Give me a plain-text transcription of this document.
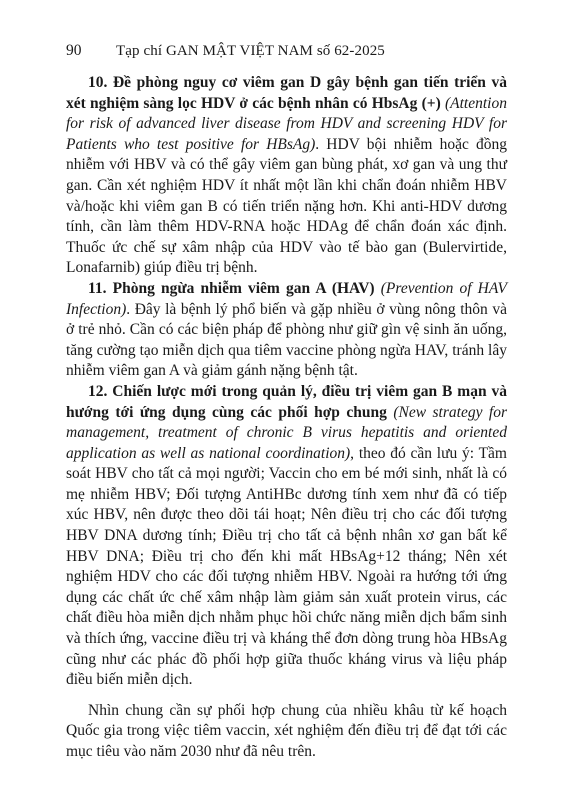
90 Tạp chí GAN MẬT VIỆT NAM số 62-2025

10. Đề phòng nguy cơ viêm gan D gây bệnh gan tiến triển và xét nghiệm sàng lọc HDV ở các bệnh nhân có HbsAg (+) (Attention for risk of advanced liver disease from HDV and screening HDV for Patients who test positive for HBsAg). HDV bội nhiễm hoặc đồng nhiễm với HBV và có thể gây viêm gan bùng phát, xơ gan và ung thư gan. Cần xét nghiệm HDV ít nhất một lần khi chẩn đoán nhiễm HBV và/hoặc khi viêm gan B có tiến triển nặng hơn. Khi anti-HDV dương tính, cần làm thêm HDV-RNA hoặc HDAg để chẩn đoán xác định. Thuốc ức chế sự xâm nhập của HDV vào tế bào gan (Bulervirtide, Lonafarnib) giúp điều trị bệnh.

11. Phòng ngừa nhiễm viêm gan A (HAV) (Prevention of HAV Infection). Đây là bệnh lý phổ biến và gặp nhiều ở vùng nông thôn và ở trẻ nhỏ. Cần có các biện pháp để phòng như giữ gìn vệ sinh ăn uống, tăng cường tạo miễn dịch qua tiêm vaccine phòng ngừa HAV, tránh lây nhiễm viêm gan A và giảm gánh nặng bệnh tật.

12. Chiến lược mới trong quản lý, điều trị viêm gan B mạn và hướng tới ứng dụng cùng các phối hợp chung (New strategy for management, treatment of chronic B virus hepatitis and oriented application as well as national coordination), theo đó cần lưu ý: Tầm soát HBV cho tất cả mọi người; Vaccin cho em bé mới sinh, nhất là có mẹ nhiễm HBV; Đối tượng AntiHBc dương tính xem như đã có tiếp xúc HBV, nên được theo dõi tái hoạt; Nên điều trị cho các đối tượng HBV DNA dương tính; Điều trị cho tất cả bệnh nhân xơ gan bất kể HBV DNA; Điều trị cho đến khi mất HBsAg+12 tháng; Nên xét nghiệm HDV cho các đối tượng nhiễm HBV. Ngoài ra hướng tới ứng dụng các chất ức chế xâm nhập làm giảm sản xuất protein virus, các chất điều hòa miễn dịch nhằm phục hồi chức năng miễn dịch bẩm sinh và thích ứng, vaccine điều trị và kháng thể đơn dòng trung hòa HBsAg cũng như các phác đồ phối hợp giữa thuốc kháng virus và liệu pháp điều biến miễn dịch.

Nhìn chung cần sự phối hợp chung của nhiều khâu từ kế hoạch Quốc gia trong việc tiêm vaccin, xét nghiệm đến điều trị để đạt tới các mục tiêu vào năm 2030 như đã nêu trên.
